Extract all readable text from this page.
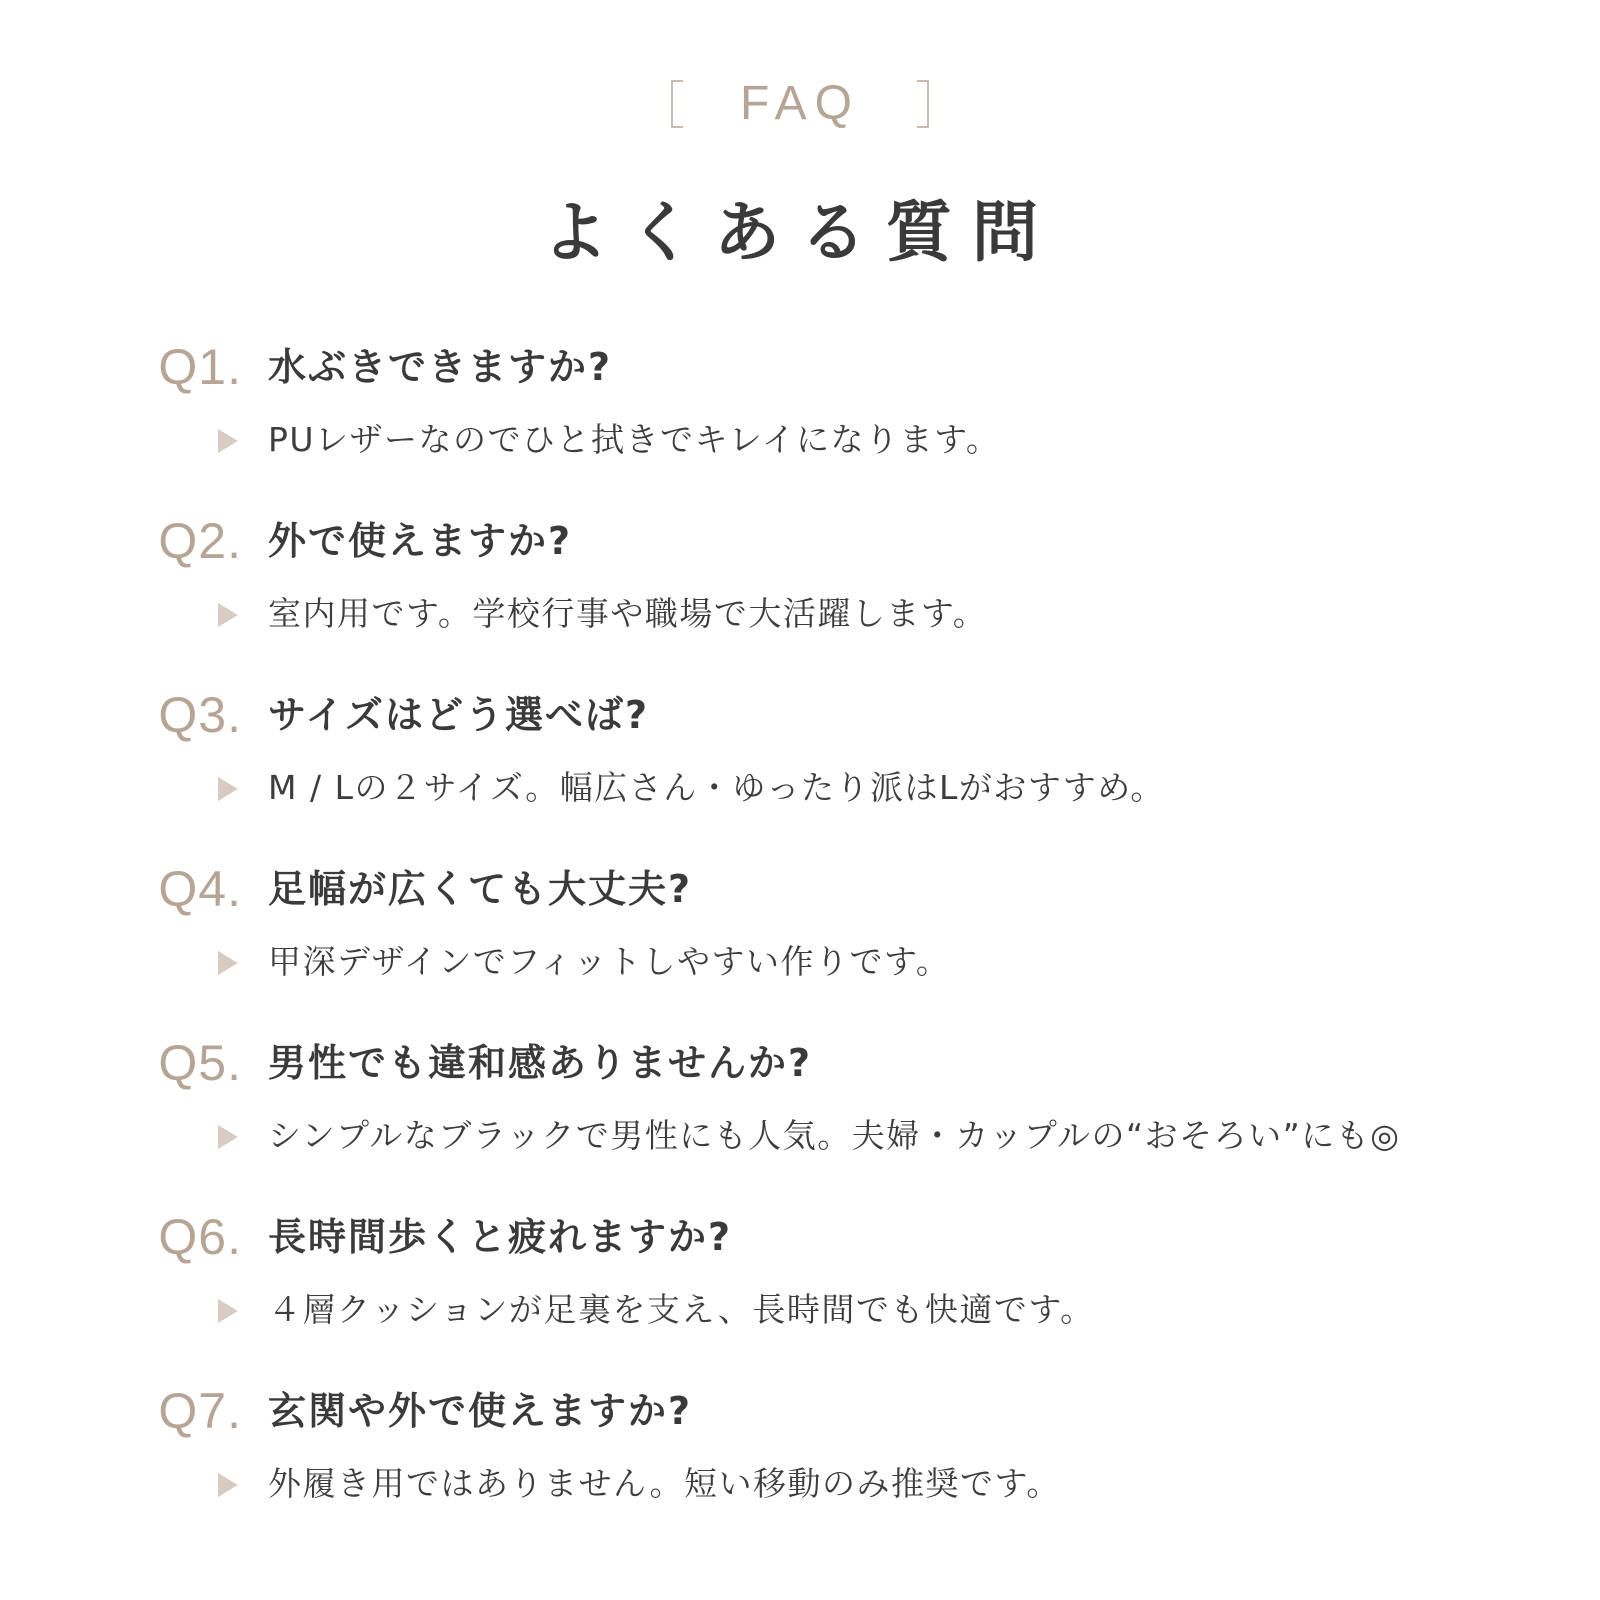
FAQ
よくある質問
Q1. 水ぶきできますか?
PUレザーなのでひと拭きでキレイになります。
Q2. 外で使えますか?
室内用です。学校行事や職場で大活躍します。
Q3. サイズはどう選べば?
M / Lの２サイズ。幅広さん・ゆったり派はLがおすすめ。
Q4. 足幅が広くても大丈夫?
甲深デザインでフィットしやすい作りです。
Q5. 男性でも違和感ありませんか?
シンプルなブラックで男性にも人気。夫婦・カップルの“おそろい”にも◎
Q6. 長時間歩くと疲れますか?
４層クッションが足裏を支え、長時間でも快適です。
Q7. 玄関や外で使えますか?
外履き用ではありません。短い移動のみ推奨です。
